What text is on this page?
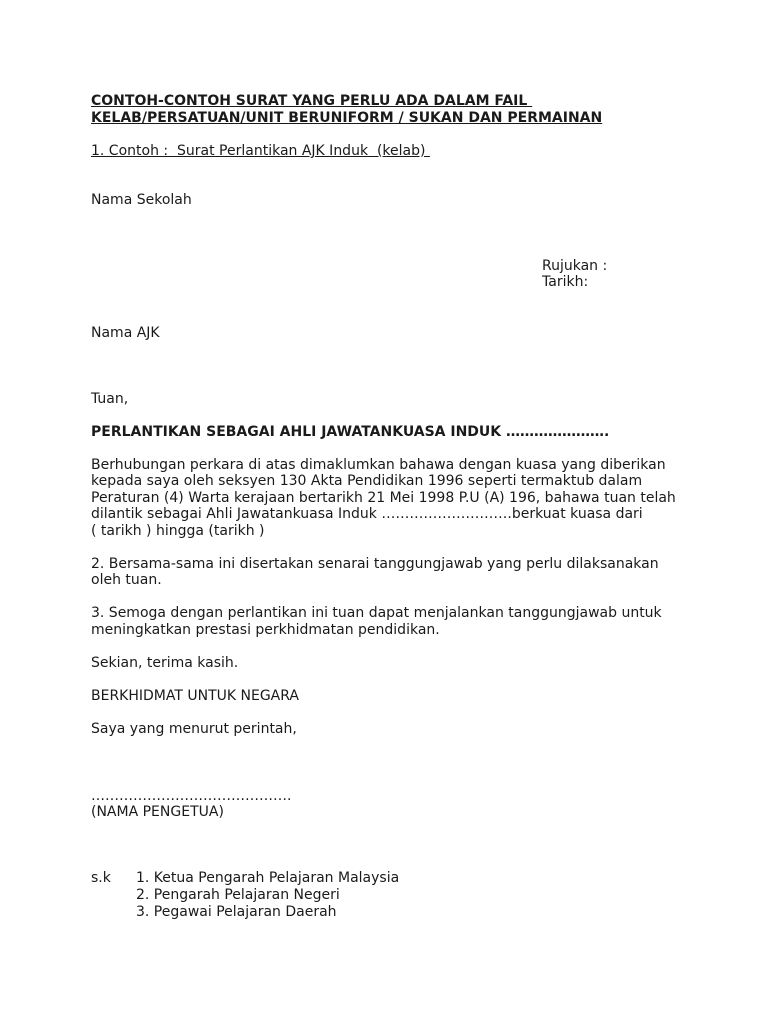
CONTOH-CONTOH SURAT YANG PERLU ADA DALAM FAIL
KELAB/PERSATUAN/UNIT BERUNIFORM / SUKAN DAN PERMAINAN
1. Contoh :  Surat Perlantikan AJK Induk  (kelab)
Nama Sekolah
Rujukan :
Tarikh:
Nama AJK
Tuan,
PERLANTIKAN SEBAGAI AHLI JAWATANKUASA INDUK ………………….
Berhubungan perkara di atas dimaklumkan bahawa dengan kuasa yang diberikan
kepada saya oleh seksyen 130 Akta Pendidikan 1996 seperti termaktub dalam
Peraturan (4) Warta kerajaan bertarikh 21 Mei 1998 P.U (A) 196, bahawa tuan telah
dilantik sebagai Ahli Jawatankuasa Induk ……………………….berkuat kuasa dari
( tarikh ) hingga (tarikh )
2. Bersama-sama ini disertakan senarai tanggungjawab yang perlu dilaksanakan
oleh tuan.
3. Semoga dengan perlantikan ini tuan dapat menjalankan tanggungjawab untuk
meningkatkan prestasi perkhidmatan pendidikan.
Sekian, terima kasih.
BERKHIDMAT UNTUK NEGARA
Saya yang menurut perintah,
…………………………………….
(NAMA PENGETUA)
s.k 1. Ketua Pengarah Pelajaran Malaysia
2. Pengarah Pelajaran Negeri
3. Pegawai Pelajaran Daerah
